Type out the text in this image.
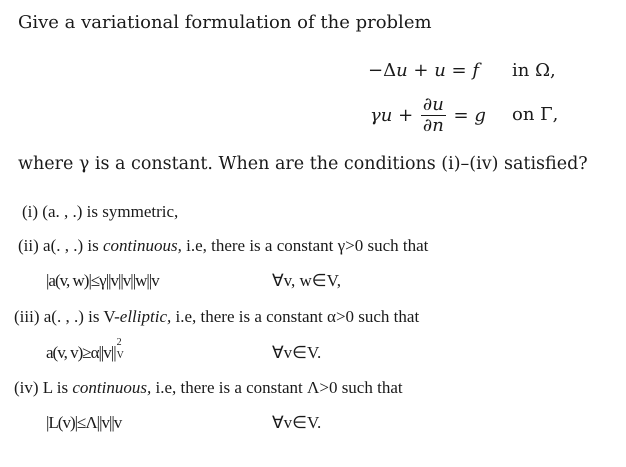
Give a variational formulation of the problem
−Δu + u = f in Ω,
γ $u + \frac{\partial u}{\partial n} = g$ on Γ,
where γ is a constant. When are the conditions (i)–(iv) satisfied?
(i) (a. , .) is symmetric,
(ii) a(. , .) is continuous, i.e, there is a constant γ>0 such that
|a(v, w)|≤γ||v||v||w||v	∀v, w∈V,
(iii) a(. , .) is V-elliptic, i.e, there is a constant α>0 such that
a(v, v)≥α||v||
2
V	∀v∈V.
(iv) L is continuous, i.e, there is a constant Λ>0 such that
|L(v)|≤Λ||v||v	∀v∈V.
